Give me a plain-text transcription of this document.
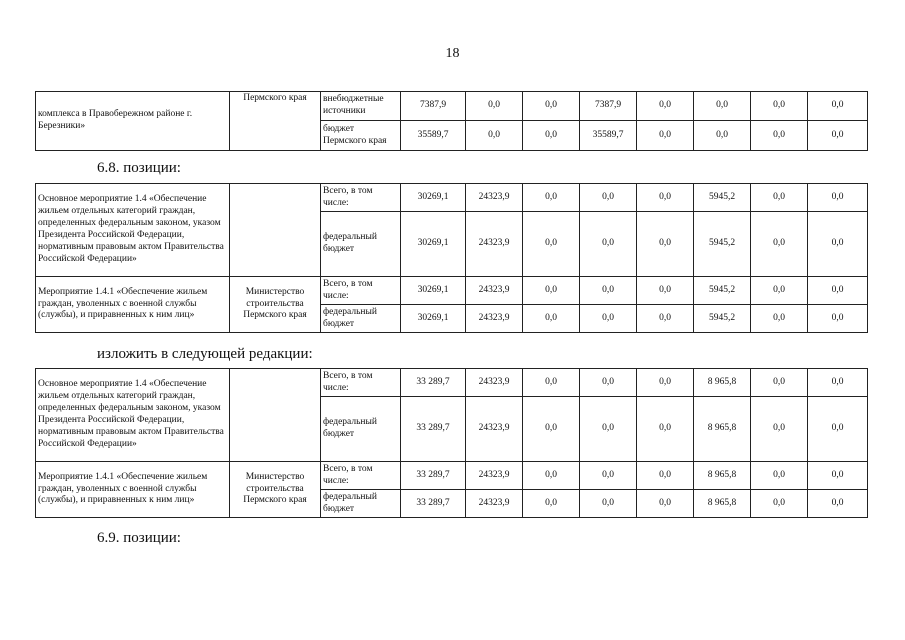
18
комплекса в Правобережном районе г. Березники»	Пермского края	внебюджетные источники	7387,9	0,0	0,0	7387,9	0,0	0,0	0,0	0,0
		бюджет Пермского края	35589,7	0,0	0,0	35589,7	0,0	0,0	0,0	0,0
6.8. позиции:
Основное мероприятие 1.4 «Обеспечение жильем отдельных категорий граждан, определенных федеральным законом, указом Президента Российской Федерации, нормативным правовым актом Правительства Российской Федерации»		Всего, в том числе:	30269,1	24323,9	0,0	0,0	0,0	5945,2	0,0	0,0
		федеральный бюджет	30269,1	24323,9	0,0	0,0	0,0	5945,2	0,0	0,0
Мероприятие 1.4.1 «Обеспечение жильем граждан, уволенных с военной службы (службы), и приравненных к ним лиц»	Министерство строительства Пермского края	Всего, в том числе:	30269,1	24323,9	0,0	0,0	0,0	5945,2	0,0	0,0
		федеральный бюджет	30269,1	24323,9	0,0	0,0	0,0	5945,2	0,0	0,0
изложить в следующей редакции:
Основное мероприятие 1.4 «Обеспечение жильем отдельных категорий граждан, определенных федеральным законом, указом Президента Российской Федерации, нормативным правовым актом Правительства Российской Федерации»		Всего, в том числе:	33 289,7	24323,9	0,0	0,0	0,0	8 965,8	0,0	0,0
		федеральный бюджет	33 289,7	24323,9	0,0	0,0	0,0	8 965,8	0,0	0,0
Мероприятие 1.4.1 «Обеспечение жильем граждан, уволенных с военной службы (службы), и приравненных к ним лиц»	Министерство строительства Пермского края	Всего, в том числе:	33 289,7	24323,9	0,0	0,0	0,0	8 965,8	0,0	0,0
		федеральный бюджет	33 289,7	24323,9	0,0	0,0	0,0	8 965,8	0,0	0,0
6.9. позиции:
